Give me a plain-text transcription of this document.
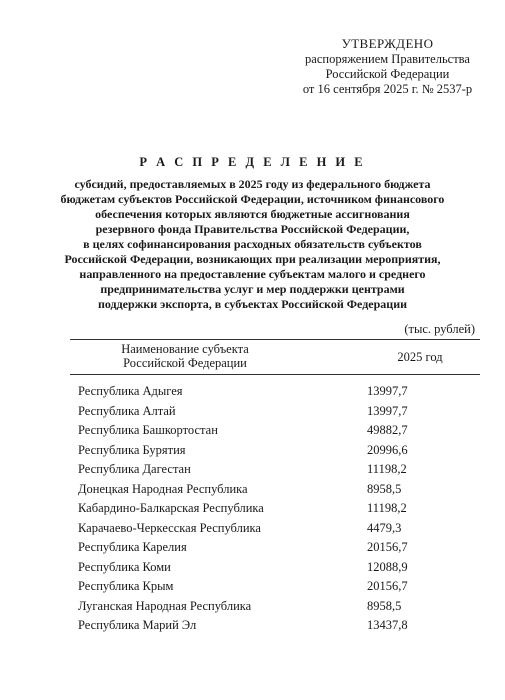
УТВЕРЖДЕНО
распоряжением Правительства
Российской Федерации
от 16 сентября 2025 г. № 2537-р
Р А С П Р Е Д Е Л Е Н И Е
субсидий, предоставляемых в 2025 году из федерального бюджета
бюджетам субъектов Российской Федерации, источником финансового
обеспечения которых являются бюджетные ассигнования
резервного фонда Правительства Российской Федерации,
в целях софинансирования расходных обязательств субъектов
Российской Федерации, возникающих при реализации мероприятия,
направленного на предоставление субъектам малого и среднего
предпринимательства услуг и мер поддержки центрами
поддержки экспорта, в субъектах Российской Федерации
(тыс. рублей)
Наименование субъекта
Российской Федерации	2025 год
Республика Адыгея	13997,7
Республика Алтай	13997,7
Республика Башкортостан	49882,7
Республика Бурятия	20996,6
Республика Дагестан	11198,2
Донецкая Народная Республика	8958,5
Кабардино-Балкарская Республика	11198,2
Карачаево-Черкесская Республика	4479,3
Республика Карелия	20156,7
Республика Коми	12088,9
Республика Крым	20156,7
Луганская Народная Республика	8958,5
Республика Марий Эл	13437,8
